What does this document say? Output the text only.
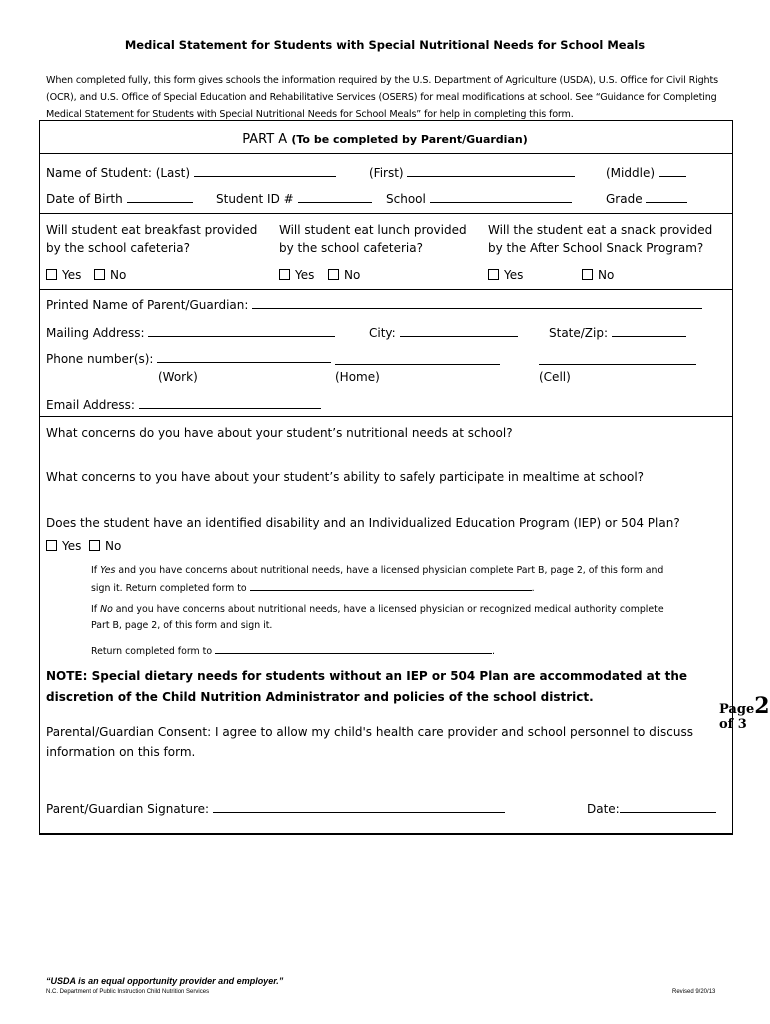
Medical Statement for Students with Special Nutritional Needs for School Meals
When completed fully, this form gives schools the information required by the U.S. Department of Agriculture (USDA), U.S. Office for Civil Rights (OCR), and U.S. Office of Special Education and Rehabilitative Services (OSERS) for meal modifications at school. See “Guidance for Completing Medical Statement for Students with Special Nutritional Needs for School Meals” for help in completing this form.
PART A (To be completed by Parent/Guardian)
Name of Student: (Last)	(First)	(Middle)
Date of Birth	Student ID #	School	Grade
Will student eat breakfast provided
by the school cafeteria?
Will student eat lunch provided
by the school cafeteria?
Will the student eat a snack provided
by the After School Snack Program?
Yes	No	Yes	No	Yes	No
Printed Name of Parent/Guardian:
Mailing Address:	City:	State/Zip:
Phone number(s):
(Work)	(Home)	(Cell)
Email Address:
What concerns do you have about your student’s nutritional needs at school?
What concerns to you have about your student’s ability to safely participate in mealtime at school?
Does the student have an identified disability and an Individualized Education Program (IEP) or 504 Plan?
Yes	No
If Yes and you have concerns about nutritional needs, have a licensed physician complete Part B, page 2, of this form and
sign it. Return completed form to	.
If No and you have concerns about nutritional needs, have a licensed physician or recognized medical authority complete
Part B, page 2, of this form and sign it.
Return completed form to	.
NOTE: Special dietary needs for students without an IEP or 504 Plan are accommodated at the discretion of the Child Nutrition Administrator and policies of the school district.
Parental/Guardian Consent: I agree to allow my child's health care provider and school personnel to discuss information on this form.
Parent/Guardian Signature:	Date:
Page2
of 3
“USDA is an equal opportunity provider and employer.”
N.C. Department of Public Instruction Child Nutrition Services	Revised 9/20/13
